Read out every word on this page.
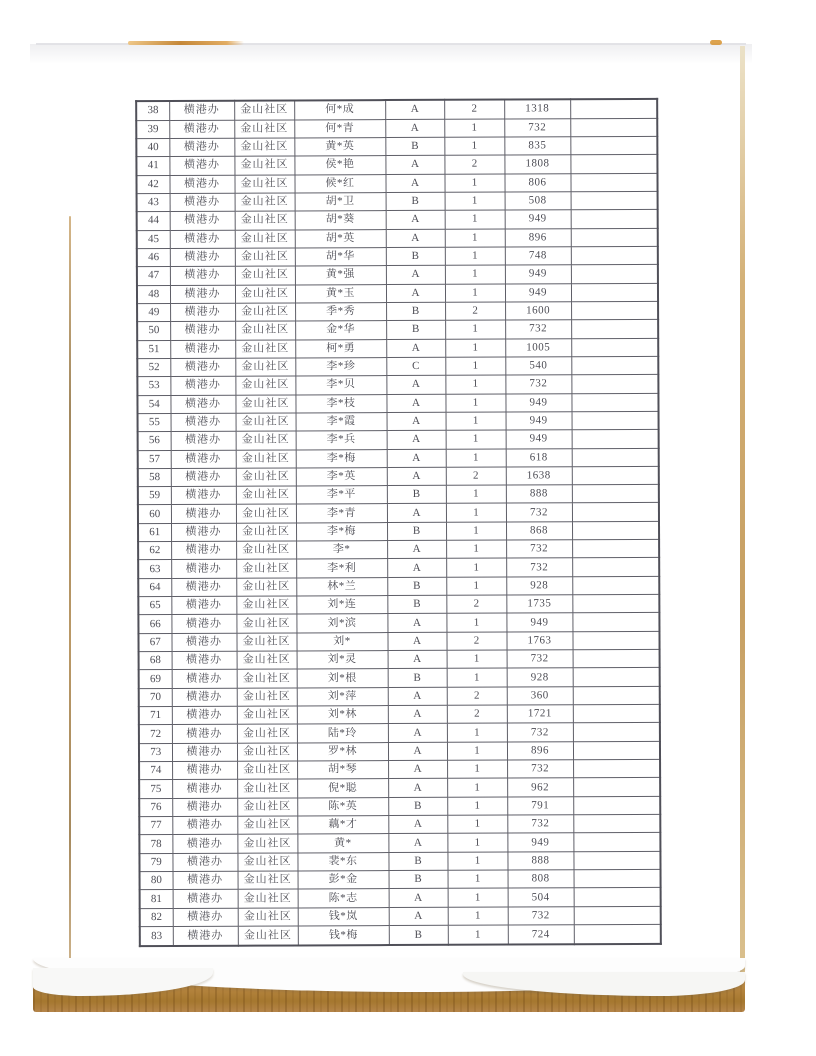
38	横港办	金山社区	何*成	A	2	1318	
39	横港办	金山社区	何*青	A	1	732	
40	横港办	金山社区	黄*英	B	1	835	
41	横港办	金山社区	侯*艳	A	2	1808	
42	横港办	金山社区	候*红	A	1	806	
43	横港办	金山社区	胡*卫	B	1	508	
44	横港办	金山社区	胡*葵	A	1	949	
45	横港办	金山社区	胡*英	A	1	896	
46	横港办	金山社区	胡*华	B	1	748	
47	横港办	金山社区	黄*强	A	1	949	
48	横港办	金山社区	黄*玉	A	1	949	
49	横港办	金山社区	季*秀	B	2	1600	
50	横港办	金山社区	金*华	B	1	732	
51	横港办	金山社区	柯*勇	A	1	1005	
52	横港办	金山社区	李*珍	C	1	540	
53	横港办	金山社区	李*贝	A	1	732	
54	横港办	金山社区	李*枝	A	1	949	
55	横港办	金山社区	李*霞	A	1	949	
56	横港办	金山社区	李*兵	A	1	949	
57	横港办	金山社区	李*梅	A	1	618	
58	横港办	金山社区	李*英	A	2	1638	
59	横港办	金山社区	李*平	B	1	888	
60	横港办	金山社区	李*青	A	1	732	
61	横港办	金山社区	李*梅	B	1	868	
62	横港办	金山社区	李*	A	1	732	
63	横港办	金山社区	李*利	A	1	732	
64	横港办	金山社区	林*兰	B	1	928	
65	横港办	金山社区	刘*连	B	2	1735	
66	横港办	金山社区	刘*滨	A	1	949	
67	横港办	金山社区	刘*	A	2	1763	
68	横港办	金山社区	刘*灵	A	1	732	
69	横港办	金山社区	刘*根	B	1	928	
70	横港办	金山社区	刘*萍	A	2	360	
71	横港办	金山社区	刘*林	A	2	1721	
72	横港办	金山社区	陆*玲	A	1	732	
73	横港办	金山社区	罗*林	A	1	896	
74	横港办	金山社区	胡*琴	A	1	732	
75	横港办	金山社区	倪*聪	A	1	962	
76	横港办	金山社区	陈*英	B	1	791	
77	横港办	金山社区	藕*才	A	1	732	
78	横港办	金山社区	黄*	A	1	949	
79	横港办	金山社区	裴*东	B	1	888	
80	横港办	金山社区	彭*金	B	1	808	
81	横港办	金山社区	陈*志	A	1	504	
82	横港办	金山社区	钱*岚	A	1	732	
83	横港办	金山社区	钱*梅	B	1	724	
